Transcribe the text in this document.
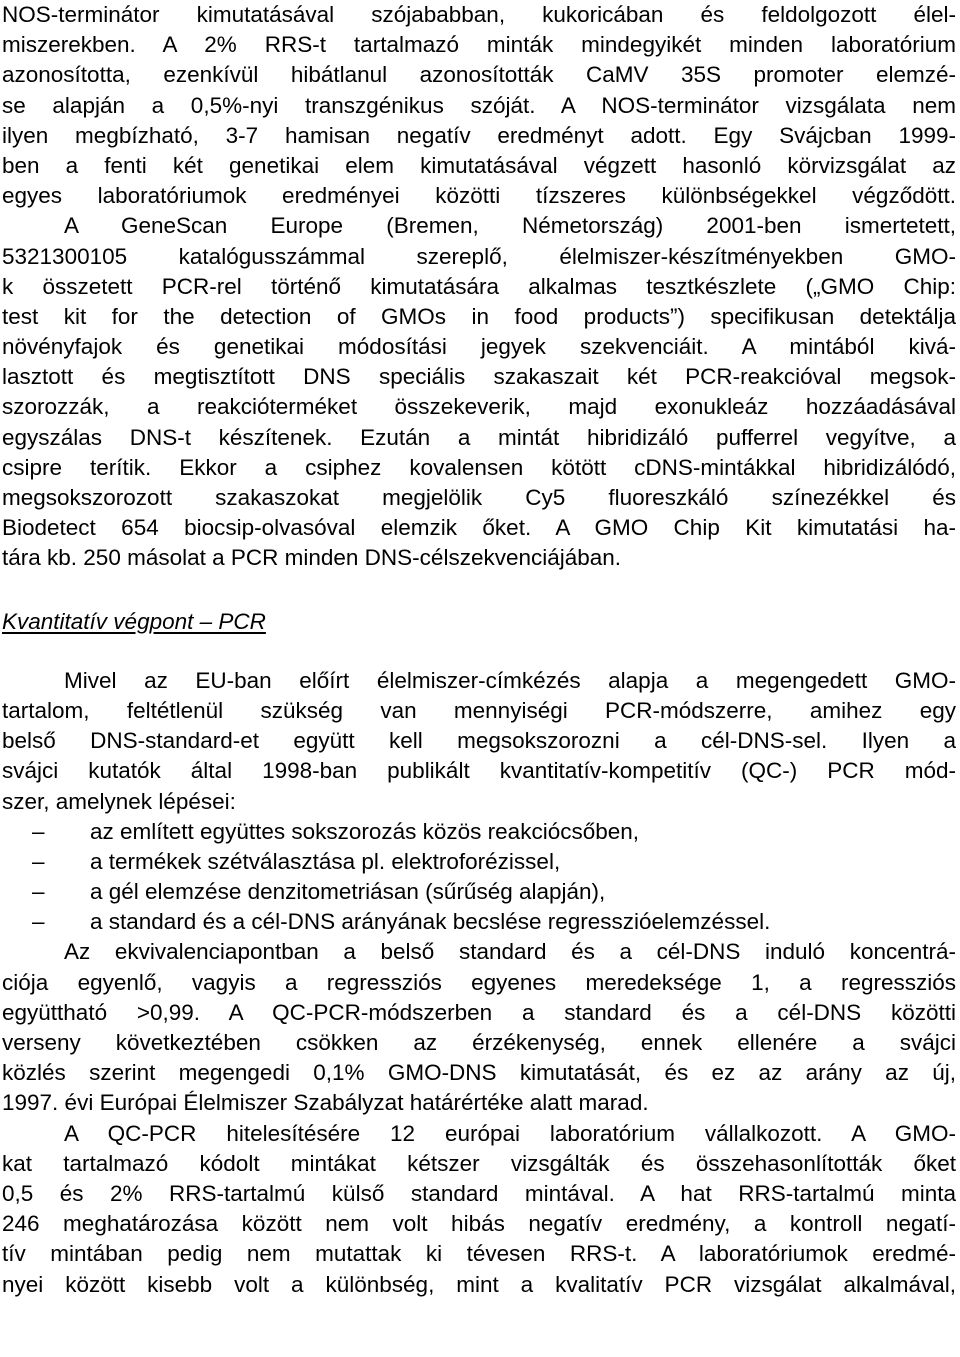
NOS-terminátor kimutatásával szójababban, kukoricában és feldolgozott élel-
miszerekben. A 2% RRS-t tartalmazó minták mindegyikét minden laboratórium
azonosította, ezenkívül hibátlanul azonosították CaMV 35S promoter elemzé-
se alapján a 0,5%-nyi transzgénikus szóját. A NOS-terminátor vizsgálata nem
ilyen megbízható, 3-7 hamisan negatív eredményt adott. Egy Svájcban 1999-
ben a fenti két genetikai elem kimutatásával végzett hasonló körvizsgálat az
egyes laboratóriumok eredményei közötti tízszeres különbségekkel végződött.
A GeneScan Europe (Bremen, Németország) 2001-ben ismertetett,
5321300105 katalógusszámmal szereplő, élelmiszer-készítményekben GMO-
k összetett PCR-rel történő kimutatására alkalmas tesztkészlete („GMO Chip:
test kit for the detection of GMOs in food products”) specifikusan detektálja
növényfajok és genetikai módosítási jegyek szekvenciáit. A mintából kivá-
lasztott és megtisztított DNS speciális szakaszait két PCR-reakcióval megsok-
szorozzák, a reakcióterméket összekeverik, majd exonukleáz hozzáadásával
egyszálas DNS-t készítenek. Ezután a mintát hibridizáló pufferrel vegyítve, a
csipre terítik. Ekkor a csiphez kovalensen kötött cDNS-mintákkal hibridizálódó,
megsokszorozott szakaszokat megjelölik Cy5 fluoreszkáló színezékkel és
Biodetect 654 biocsip-olvasóval elemzik őket. A GMO Chip Kit kimutatási ha-
tára kb. 250 másolat a PCR minden DNS-célszekvenciájában.
Kvantitatív végpont – PCR
Mivel az EU-ban előírt élelmiszer-címkézés alapja a megengedett GMO-
tartalom, feltétlenül szükség van mennyiségi PCR-módszerre, amihez egy
belső DNS-standard-et együtt kell megsokszorozni a cél-DNS-sel. Ilyen a
svájci kutatók által 1998-ban publikált kvantitatív-kompetitív (QC-) PCR mód-
szer, amelynek lépései:
– az említett együttes sokszorozás közös reakciócsőben,
– a termékek szétválasztása pl. elektroforézissel,
– a gél elemzése denzitometriásan (sűrűség alapján),
– a standard és a cél-DNS arányának becslése regresszióelemzéssel.
Az ekvivalenciapontban a belső standard és a cél-DNS induló koncentrá-
ciója egyenlő, vagyis a regressziós egyenes meredeksége 1, a regressziós
együttható >0,99. A QC-PCR-módszerben a standard és a cél-DNS közötti
verseny következtében csökken az érzékenység, ennek ellenére a svájci
közlés szerint megengedi 0,1% GMO-DNS kimutatását, és ez az arány az új,
1997. évi Európai Élelmiszer Szabályzat határértéke alatt marad.
A QC-PCR hitelesítésére 12 európai laboratórium vállalkozott. A GMO-
kat tartalmazó kódolt mintákat kétszer vizsgálták és összehasonlították őket
0,5 és 2% RRS-tartalmú külső standard mintával. A hat RRS-tartalmú minta
246 meghatározása között nem volt hibás negatív eredmény, a kontroll negatí-
tív mintában pedig nem mutattak ki tévesen RRS-t. A laboratóriumok eredmé-
nyei között kisebb volt a különbség, mint a kvalitatív PCR vizsgálat alkalmával,
